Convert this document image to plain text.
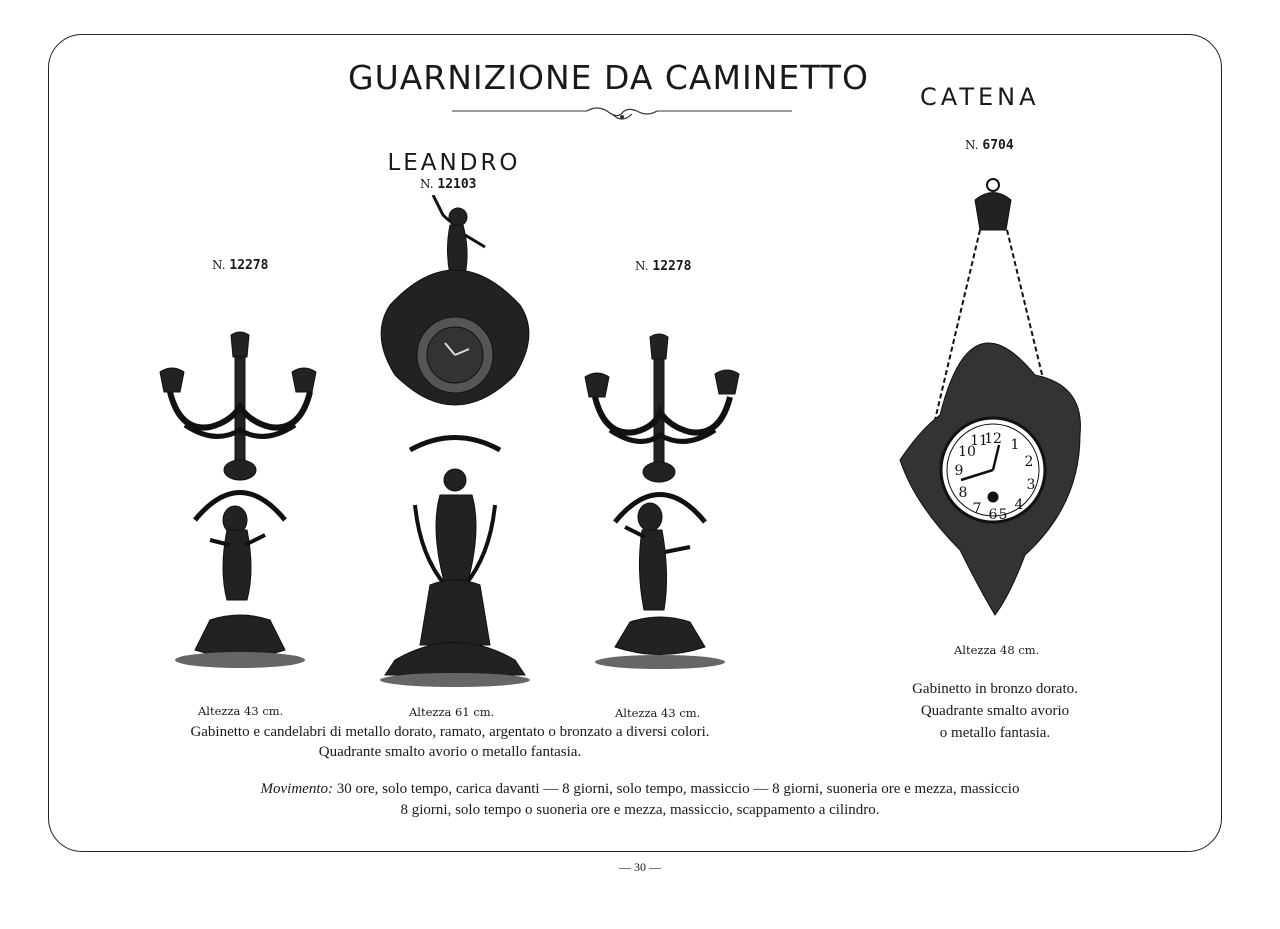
GUARNIZIONE DA CAMINETTO CATENA
N. 12278
LEANDRO
N. 12103
N. 12278
N. 6704
12 1
2
3
4
5
6
7
8
9
10
11
Altezza 43 cm.	Altezza 61 cm.	Altezza 43 cm.
Altezza 48 cm.
Gabinetto e candelabri di metallo dorato, ramato, argentato o bronzato a diversi colori.
Quadrante smalto avorio o metallo fantasia.
Gabinetto in bronzo dorato.
Quadrante smalto avorio
o metallo fantasia.
Movimento: 30 ore, solo tempo, carica davanti — 8 giorni, solo tempo, massiccio — 8 giorni, suoneria ore e mezza, massiccio
8 giorni, solo tempo o suoneria ore e mezza, massiccio, scappamento a cilindro.
— 30 —
